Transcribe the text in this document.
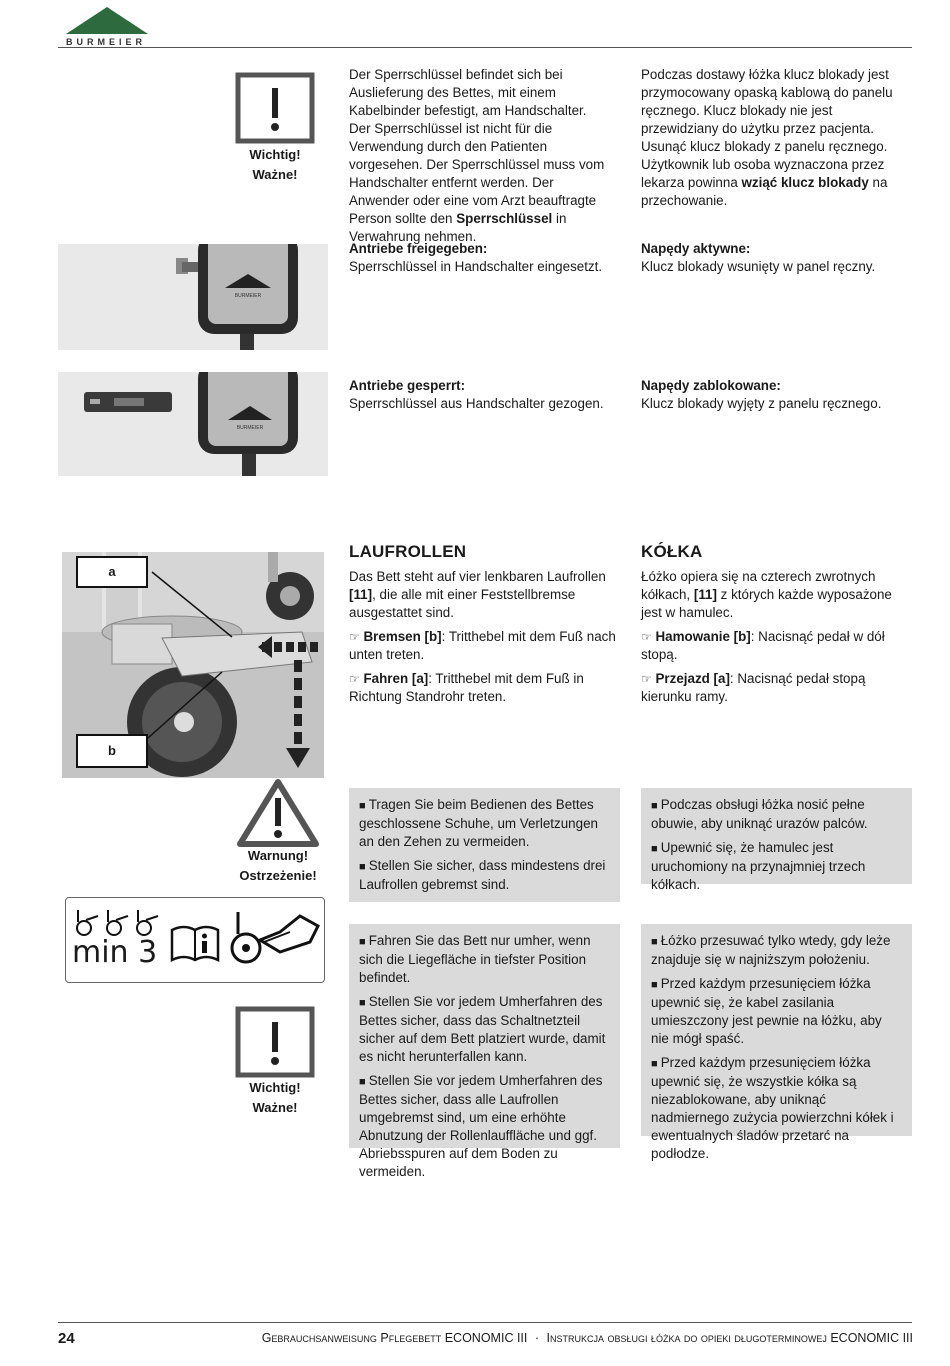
BURMEIER
Wichtig!
Ważne!
Der Sperrschlüssel befindet sich bei Auslieferung des Bettes, mit einem Kabelbinder befestigt, am Handschalter. Der Sperrschlüssel ist nicht für die Verwendung durch den Patienten vorgesehen. Der Sperrschlüssel muss vom Handschalter entfernt werden. Der Anwender oder eine vom Arzt beauftragte Person sollte den Sperrschlüssel in Verwahrung nehmen.
Podczas dostawy łóżka klucz blokady jest przymocowany opaską kablową do panelu ręcznego. Klucz blokady nie jest przewidziany do użytku przez pacjenta. Usunąć klucz blokady z panelu ręcznego. Użytkownik lub osoba wyznaczona przez lekarza powinna wziąć klucz blokady na przechowanie.
BURMEIER
Antriebe freigegeben:
Sperrschlüssel in Handschalter eingesetzt.
Napędy aktywne:
Klucz blokady wsunięty w panel ręczny.
BURMEIER
Antriebe gesperrt:
Sperrschlüssel aus Handschalter gezogen.
Napędy zablokowane:
Klucz blokady wyjęty z panelu ręcznego.
a
b
LAUFROLLEN
Das Bett steht auf vier lenkbaren Laufrollen [11], die alle mit einer Feststellbremse ausgestattet sind.
☞ Bremsen [b]: Tritthebel mit dem Fuß nach unten treten.
☞ Fahren [a]: Tritthebel mit dem Fuß in Richtung Standrohr treten.
KÓŁKA
Łóżko opiera się na czterech zwrotnych kółkach, [11] z których każde wyposażone jest w hamulec.
☞ Hamowanie [b]: Nacisnąć pedał w dół stopą.
☞ Przejazd [a]: Nacisnąć pedał stopą kierunku ramy.
Warnung!
Ostrzeżenie!

■ Tragen Sie beim Bedienen des Bettes geschlossene Schuhe, um Verletzungen an den Zehen zu vermeiden.

■ Stellen Sie sicher, dass mindestens drei Laufrollen gebremst sind.

■ Podczas obsługi łóżka nosić pełne obuwie, aby uniknąć urazów palców.

■ Upewnić się, że hamulec jest uruchomiony na przynajmniej trzech kółkach.

min 3
Wichtig!
Ważne!

■ Fahren Sie das Bett nur umher, wenn sich die Liegefläche in tiefster Position befindet.

■ Stellen Sie vor jedem Umherfahren des Bettes sicher, dass das Schaltnetzteil sicher auf dem Bett platziert wurde, damit es nicht herunterfallen kann.

■ Stellen Sie vor jedem Umherfahren des Bettes sicher, dass alle Laufrollen umgebremst sind, um eine erhöhte Abnutzung der Rollenlauffläche und ggf. Abriebsspuren auf dem Boden zu vermeiden.

■ Łóżko przesuwać tylko wtedy, gdy leże znajduje się w najniższym położeniu.

■ Przed każdym przesunięciem łóżka upewnić się, że kabel zasilania umieszczony jest pewnie na łóżku, aby nie mógł spaść.

■ Przed każdym przesunięciem łóżka upewnić się, że wszystkie kółka są niezablokowane, aby uniknąć nadmiernego zużycia powierzchni kółek i ewentualnych śladów przetarć na podłodze.

24	Gebrauchsanweisung Pflegebett ECONOMIC III · Instrukcja obsługi łóżka do opieki długoterminowej ECONOMIC III
